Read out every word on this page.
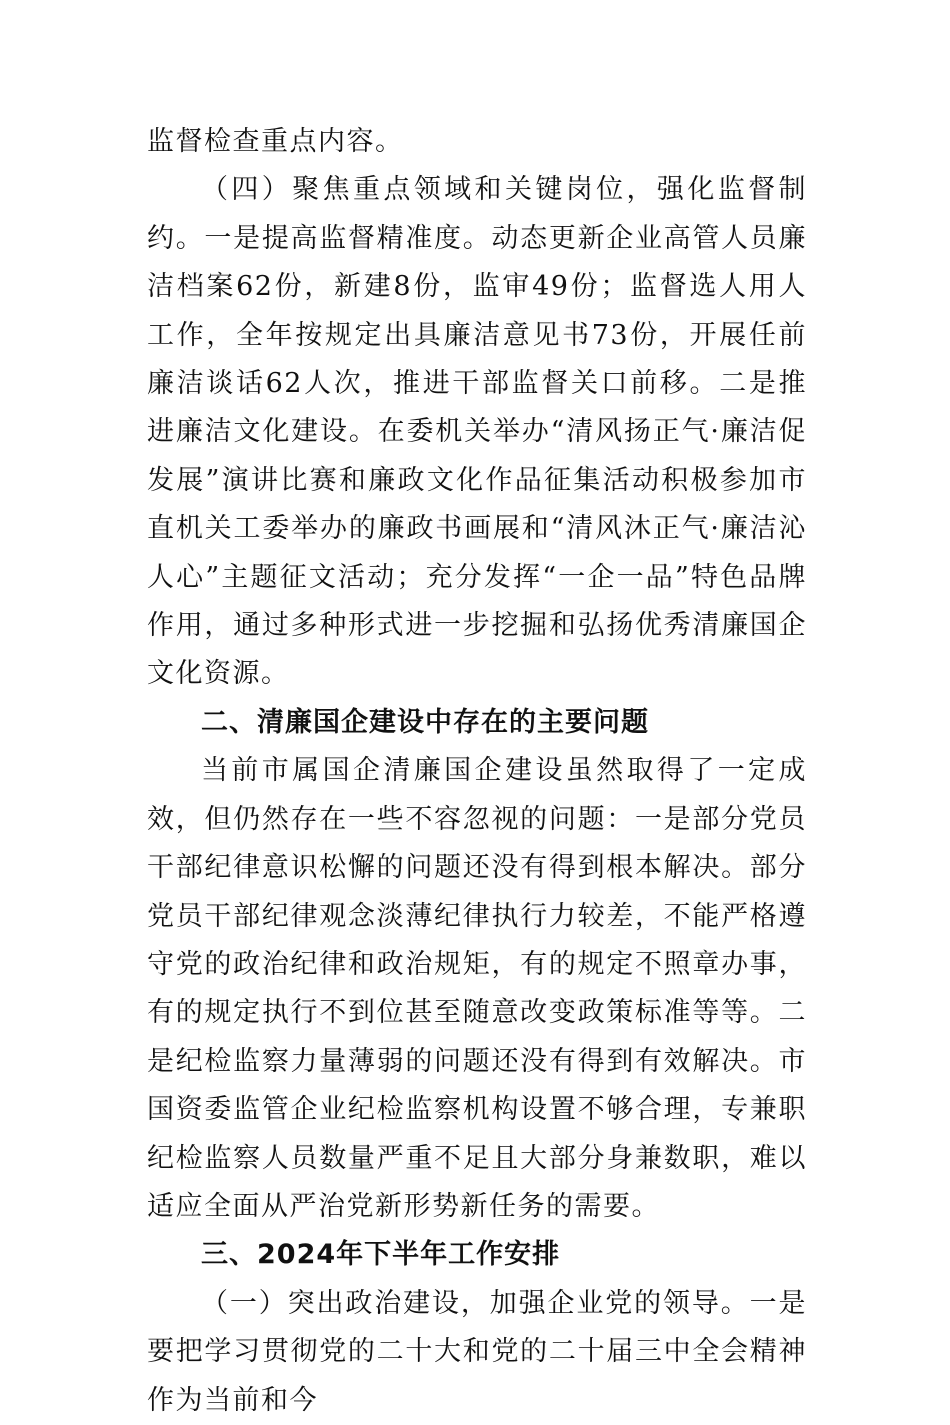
监督检查重点内容。

（四）聚焦重点领域和关键岗位，强化监督制约。一是提高监督精准度。动态更新企业高管人员廉洁档案62份，新建8份，监审49份；监督选人用人工作，全年按规定出具廉洁意见书73份，开展任前廉洁谈话62人次，推进干部监督关口前移。二是推进廉洁文化建设。在委机关举办“清风扬正气·廉洁促发展”演讲比赛和廉政文化作品征集活动积极参加市直机关工委举办的廉政书画展和“清风沐正气·廉洁沁人心”主题征文活动；充分发挥“一企一品”特色品牌作用，通过多种形式进一步挖掘和弘扬优秀清廉国企文化资源。

二、清廉国企建设中存在的主要问题

当前市属国企清廉国企建设虽然取得了一定成效，但仍然存在一些不容忽视的问题：一是部分党员干部纪律意识松懈的问题还没有得到根本解决。部分党员干部纪律观念淡薄纪律执行力较差，不能严格遵守党的政治纪律和政治规矩，有的规定不照章办事，有的规定执行不到位甚至随意改变政策标准等等。二是纪检监察力量薄弱的问题还没有得到有效解决。市国资委监管企业纪检监察机构设置不够合理，专兼职纪检监察人员数量严重不足且大部分身兼数职，难以适应全面从严治党新形势新任务的需要。

三、2024年下半年工作安排

（一）突出政治建设，加强企业党的领导。一是要把学习贯彻党的二十大和党的二十届三中全会精神作为当前和今
